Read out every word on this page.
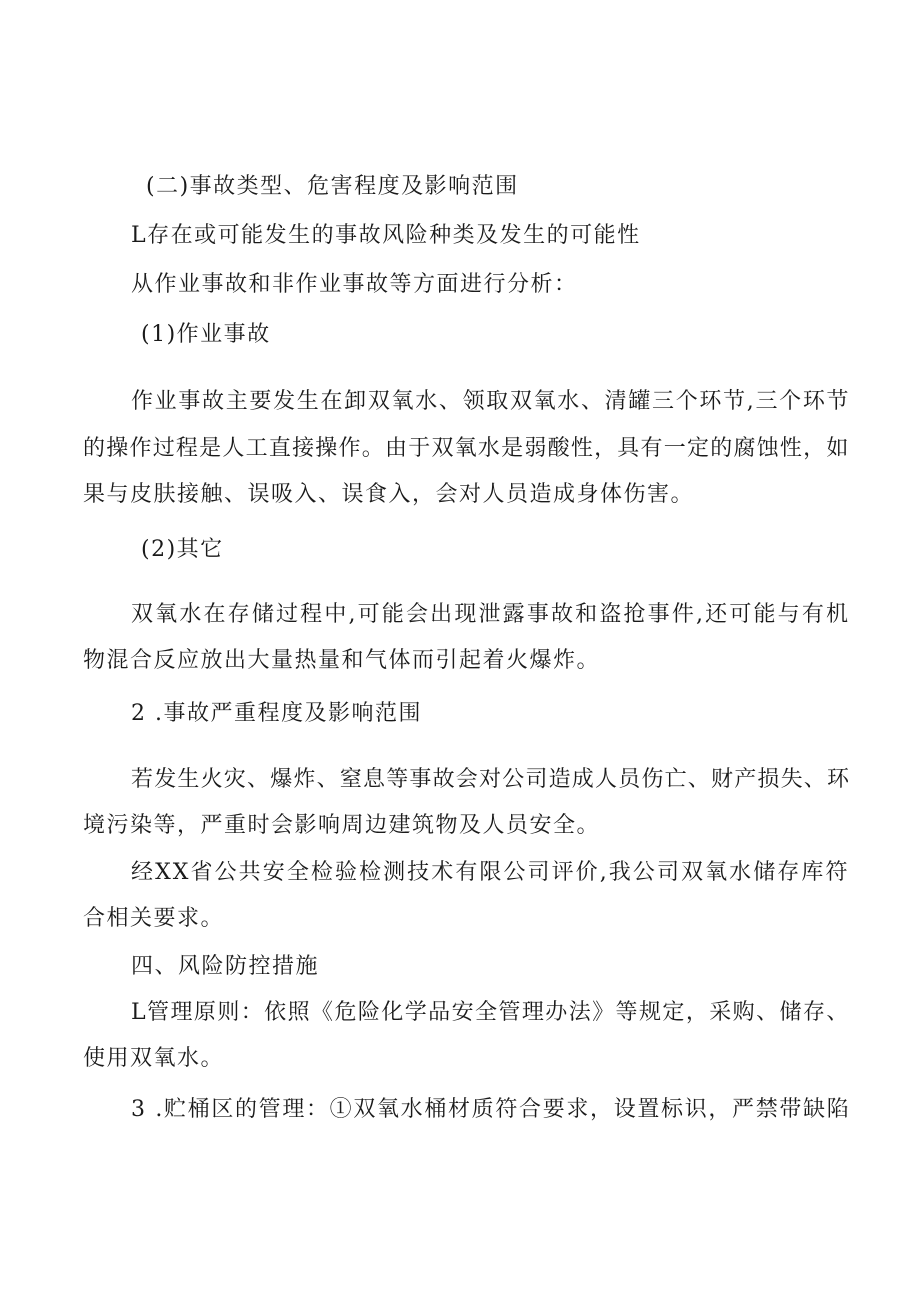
(二)事故类型、危害程度及影响范围
L存在或可能发生的事故风险种类及发生的可能性
从作业事故和非作业事故等方面进行分析：
(1)作业事故
作业事故主要发生在卸双氧水、领取双氧水、清罐三个环节,三个环节
的操作过程是人工直接操作。由于双氧水是弱酸性，具有一定的腐蚀性，如
果与皮肤接触、误吸入、误食入，会对人员造成身体伤害。
(2)其它
双氧水在存储过程中,可能会出现泄露事故和盗抢事件,还可能与有机
物混合反应放出大量热量和气体而引起着火爆炸。
2 .事故严重程度及影响范围
若发生火灾、爆炸、窒息等事故会对公司造成人员伤亡、财产损失、环
境污染等，严重时会影响周边建筑物及人员安全。
经XX省公共安全检验检测技术有限公司评价,我公司双氧水储存库符
合相关要求。
四、风险防控措施
L管理原则：依照《危险化学品安全管理办法》等规定，采购、储存、
使用双氧水。
3 .贮桶区的管理：①双氧水桶材质符合要求，设置标识，严禁带缺陷
